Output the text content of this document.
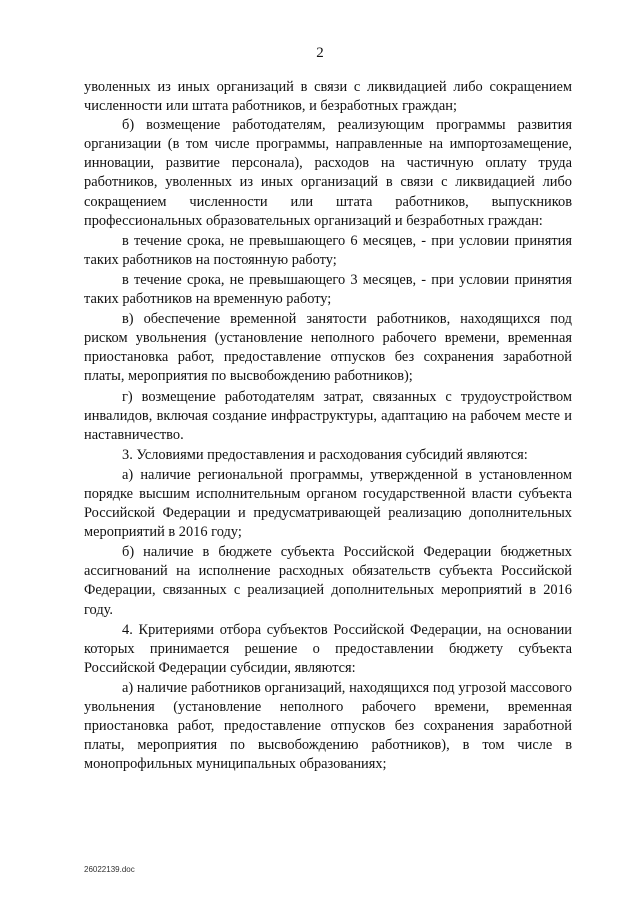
2

уволенных из иных организаций в связи с ликвидацией либо сокращением численности или штата работников, и безработных граждан;

б) возмещение работодателям, реализующим программы развития организации (в том числе программы, направленные на импортозамещение, инновации, развитие персонала), расходов на частичную оплату труда работников, уволенных из иных организаций в связи с ликвидацией либо сокращением численности или штата работников, выпускников профессиональных образовательных организаций и безработных граждан:

в течение срока, не превышающего 6 месяцев, - при условии принятия таких работников на постоянную работу;

в течение срока, не превышающего 3 месяцев, - при условии принятия таких работников на временную работу;

в) обеспечение временной занятости работников, находящихся под риском увольнения (установление неполного рабочего времени, временная приостановка работ, предоставление отпусков без сохранения заработной платы, мероприятия по высвобождению работников);

г) возмещение работодателям затрат, связанных с трудоустройством инвалидов, включая создание инфраструктуры, адаптацию на рабочем месте и наставничество.

3. Условиями предоставления и расходования субсидий являются:

а) наличие региональной программы, утвержденной в установленном порядке высшим исполнительным органом государственной власти субъекта Российской Федерации и предусматривающей реализацию дополнительных мероприятий в 2016 году;

б) наличие в бюджете субъекта Российской Федерации бюджетных ассигнований на исполнение расходных обязательств субъекта Российской Федерации, связанных с реализацией дополнительных мероприятий в 2016 году.

4. Критериями отбора субъектов Российской Федерации, на основании которых принимается решение о предоставлении бюджету субъекта Российской Федерации субсидии, являются:

а) наличие работников организаций, находящихся под угрозой массового увольнения (установление неполного рабочего времени, временная приостановка работ, предоставление отпусков без сохранения заработной платы, мероприятия по высвобождению работников), в том числе в монопрофильных муниципальных образованиях;

26022139.doc
